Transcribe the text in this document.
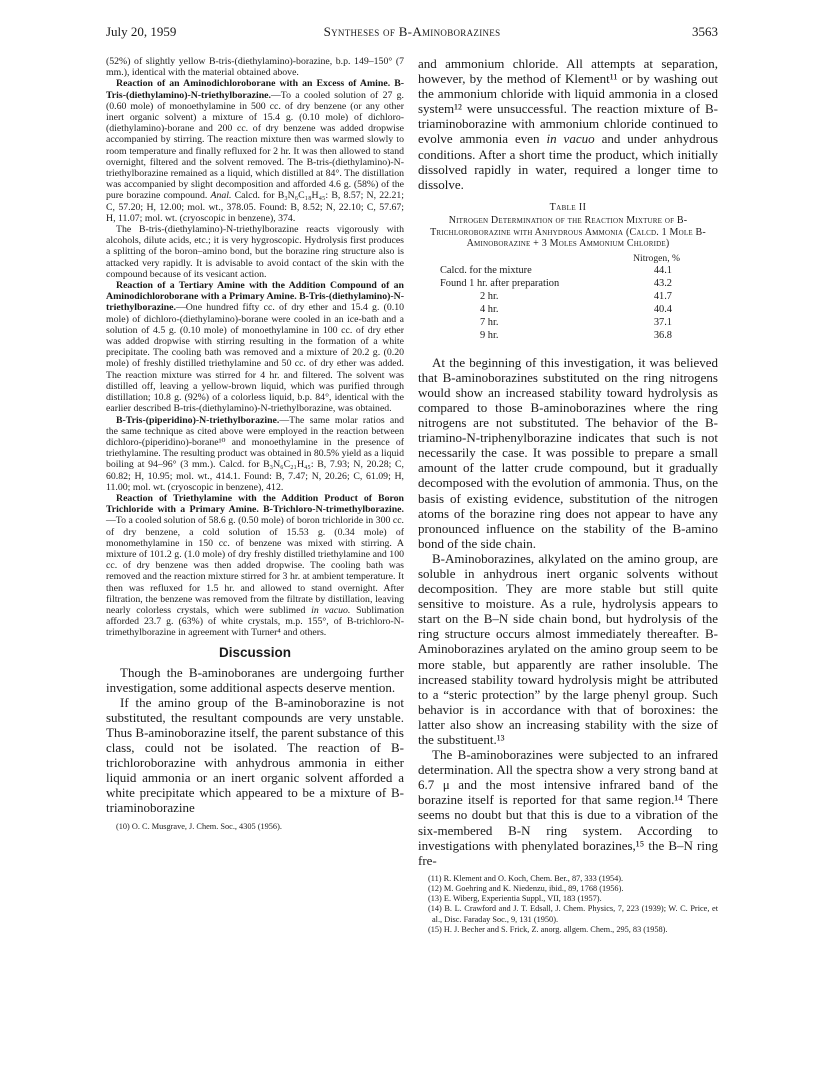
July 20, 1959	Syntheses of B-Aminoborazines	3563

(52%) of slightly yellow B-tris-(diethylamino)-borazine, b.p. 149–150° (7 mm.), identical with the material obtained above.

Reaction of an Aminodichloroborane with an Excess of Amine. B-Tris-(diethylamino)-N-triethylborazine.—To a cooled solution of 27 g. (0.60 mole) of monoethylamine in 500 cc. of dry benzene (or any other inert organic solvent) a mixture of 15.4 g. (0.10 mole) of dichloro-(diethylamino)-borane and 200 cc. of dry benzene was added dropwise accompanied by stirring. The reaction mixture then was warmed slowly to room temperature and finally refluxed for 2 hr. It was then allowed to stand overnight, filtered and the solvent removed. The B-tris-(diethylamino)-N-triethylborazine remained as a liquid, which distilled at 84°. The distillation was accompanied by slight decomposition and afforded 4.6 g. (58%) of the pure borazine compound. Anal. Calcd. for B₃N₆C₁₈H₄₅: B, 8.57; N, 22.21; C, 57.20; H, 12.00; mol. wt., 378.05. Found: B, 8.52; N, 22.10; C, 57.67; H, 11.07; mol. wt. (cryoscopic in benzene), 374.

The B-tris-(diethylamino)-N-triethylborazine reacts vigorously with alcohols, dilute acids, etc.; it is very hygroscopic. Hydrolysis first produces a splitting of the boron–amino bond, but the borazine ring structure also is attacked very rapidly. It is advisable to avoid contact of the skin with the compound because of its vesicant action.

Reaction of a Tertiary Amine with the Addition Compound of an Aminodichloroborane with a Primary Amine. B-Tris-(diethylamino)-N-triethylborazine.—One hundred fifty cc. of dry ether and 15.4 g. (0.10 mole) of dichloro-(diethylamino)-borane were cooled in an ice-bath and a solution of 4.5 g. (0.10 mole) of monoethylamine in 100 cc. of dry ether was added dropwise with stirring resulting in the formation of a white precipitate. The cooling bath was removed and a mixture of 20.2 g. (0.20 mole) of freshly distilled triethylamine and 50 cc. of dry ether was added. The reaction mixture was stirred for 4 hr. and filtered. The solvent was distilled off, leaving a yellow-brown liquid, which was purified through distillation; 10.8 g. (92%) of a colorless liquid, b.p. 84°, identical with the earlier described B-tris-(diethylamino)-N-triethylborazine, was obtained.

B-Tris-(piperidino)-N-triethylborazine.—The same molar ratios and the same technique as cited above were employed in the reaction between dichloro-(piperidino)-borane¹⁰ and monoethylamine in the presence of triethylamine. The resulting product was obtained in 80.5% yield as a liquid boiling at 94–96° (3 mm.). Calcd. for B₃N₆C₂₁H₄₅: B, 7.93; N, 20.28; C, 60.82; H, 10.95; mol. wt., 414.1. Found: B, 7.47; N, 20.26; C, 61.09; H, 11.00; mol. wt. (cryoscopic in benzene), 412.

Reaction of Triethylamine with the Addition Product of Boron Trichloride with a Primary Amine. B-Trichloro-N-trimethylborazine.—To a cooled solution of 58.6 g. (0.50 mole) of boron trichloride in 300 cc. of dry benzene, a cold solution of 15.53 g. (0.34 mole) of monomethylamine in 150 cc. of benzene was mixed with stirring. A mixture of 101.2 g. (1.0 mole) of dry freshly distilled triethylamine and 100 cc. of dry benzene was then added dropwise. The cooling bath was removed and the reaction mixture stirred for 3 hr. at ambient temperature. It then was refluxed for 1.5 hr. and allowed to stand overnight. After filtration, the benzene was removed from the filtrate by distillation, leaving nearly colorless crystals, which were sublimed in vacuo. Sublimation afforded 23.7 g. (63%) of white crystals, m.p. 155°, of B-trichloro-N-trimethylborazine in agreement with Turner⁴ and others.

Discussion

Though the B-aminoboranes are undergoing further investigation, some additional aspects deserve mention.

If the amino group of the B-aminoborazine is not substituted, the resultant compounds are very unstable. Thus B-aminoborazine itself, the parent substance of this class, could not be isolated. The reaction of B-trichloroborazine with anhydrous ammonia in either liquid ammonia or an inert organic solvent afforded a white precipitate which appeared to be a mixture of B-triaminoborazine

(10) O. C. Musgrave, J. Chem. Soc., 4305 (1956).

and ammonium chloride. All attempts at separation, however, by the method of Klement¹¹ or by washing out the ammonium chloride with liquid ammonia in a closed system¹² were unsuccessful. The reaction mixture of B-triaminoborazine with ammonium chloride continued to evolve ammonia even in vacuo and under anhydrous conditions. After a short time the product, which initially dissolved rapidly in water, required a longer time to dissolve.

Table II
Nitrogen Determination of the Reaction Mixture of B-Trichloroborazine with Anhydrous Ammonia (Calcd. 1 Mole B-Aminoborazine + 3 Moles Ammonium Chloride)
	Nitrogen, %
Calcd. for the mixture	44.1
Found 1 hr. after preparation	43.2
2 hr.	41.7
4 hr.	40.4
7 hr.	37.1
9 hr.	36.8

At the beginning of this investigation, it was believed that B-aminoborazines substituted on the ring nitrogens would show an increased stability toward hydrolysis as compared to those B-aminoborazines where the ring nitrogens are not substituted. The behavior of the B-triamino-N-triphenylborazine indicates that such is not necessarily the case. It was possible to prepare a small amount of the latter crude compound, but it gradually decomposed with the evolution of ammonia. Thus, on the basis of existing evidence, substitution of the nitrogen atoms of the borazine ring does not appear to have any pronounced influence on the stability of the B-amino bond of the side chain.

B-Aminoborazines, alkylated on the amino group, are soluble in anhydrous inert organic solvents without decomposition. They are more stable but still quite sensitive to moisture. As a rule, hydrolysis appears to start on the B–N side chain bond, but hydrolysis of the ring structure occurs almost immediately thereafter. B-Aminoborazines arylated on the amino group seem to be more stable, but apparently are rather insoluble. The increased stability toward hydrolysis might be attributed to a “steric protection” by the large phenyl group. Such behavior is in accordance with that of boroxines: the latter also show an increasing stability with the size of the substituent.¹³

The B-aminoborazines were subjected to an infrared determination. All the spectra show a very strong band at 6.7 μ and the most intensive infrared band of the borazine itself is reported for that same region.¹⁴ There seems no doubt but that this is due to a vibration of the six-membered B-N ring system. According to investigations with phenylated borazines,¹⁵ the B–N ring fre-

(11) R. Klement and O. Koch, Chem. Ber., 87, 333 (1954).
(12) M. Goehring and K. Niedenzu, ibid., 89, 1768 (1956).
(13) E. Wiberg, Experientia Suppl., VII, 183 (1957).
(14) B. L. Crawford and J. T. Edsall, J. Chem. Physics, 7, 223 (1939); W. C. Price, et al., Disc. Faraday Soc., 9, 131 (1950).
(15) H. J. Becher and S. Frick, Z. anorg. allgem. Chem., 295, 83 (1958).
